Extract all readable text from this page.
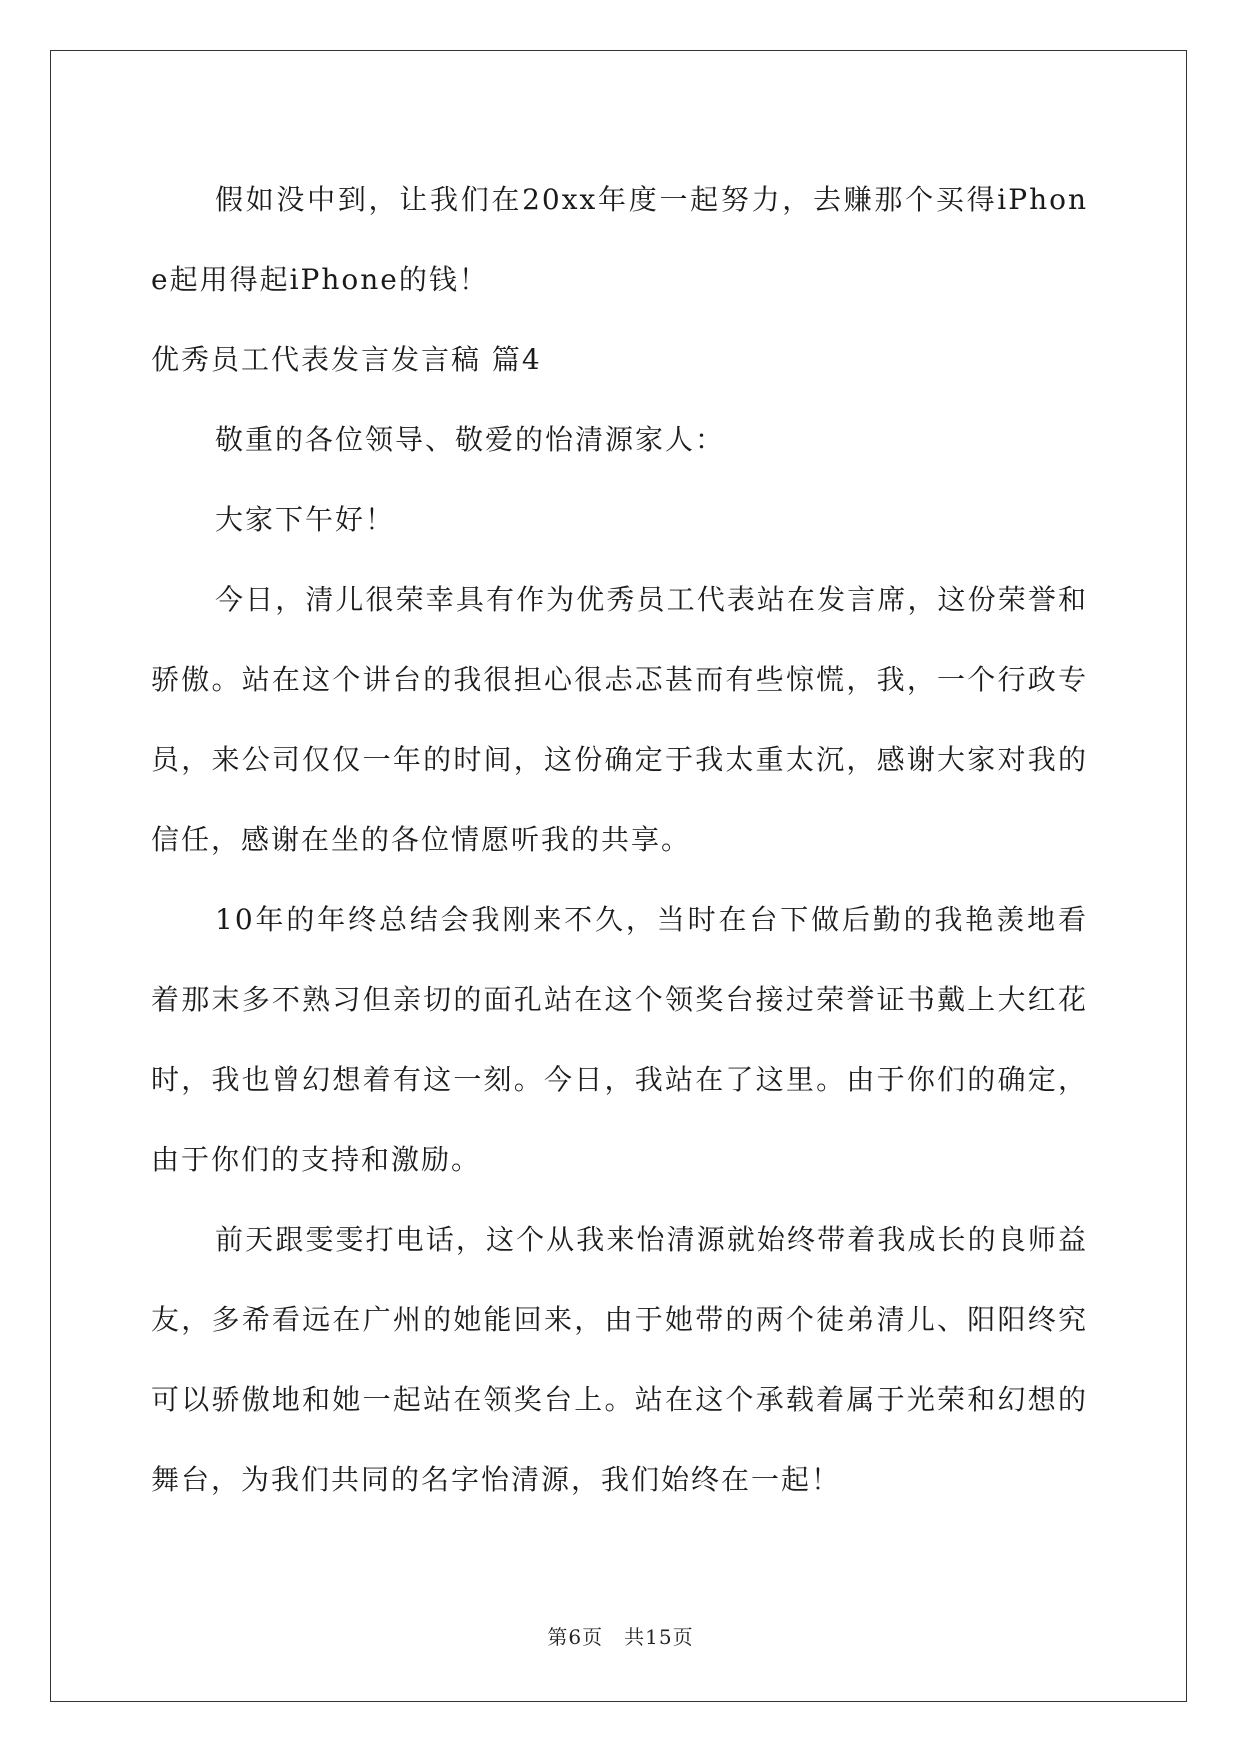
假如没中到，让我们在20xx年度一起努力，去赚那个买得iPhone起用得起iPhone的钱！

优秀员工代表发言发言稿 篇4

敬重的各位领导、敬爱的怡清源家人：

大家下午好！

今日，清儿很荣幸具有作为优秀员工代表站在发言席，这份荣誉和骄傲。站在这个讲台的我很担心很忐忑甚而有些惊慌，我，一个行政专员，来公司仅仅一年的时间，这份确定于我太重太沉，感谢大家对我的信任，感谢在坐的各位情愿听我的共享。

10年的年终总结会我刚来不久，当时在台下做后勤的我艳羡地看着那末多不熟习但亲切的面孔站在这个领奖台接过荣誉证书戴上大红花时，我也曾幻想着有这一刻。今日，我站在了这里。由于你们的确定，由于你们的支持和激励。

前天跟雯雯打电话，这个从我来怡清源就始终带着我成长的良师益友，多希看远在广州的她能回来，由于她带的两个徒弟清儿、阳阳终究可以骄傲地和她一起站在领奖台上。站在这个承载着属于光荣和幻想的舞台，为我们共同的名字怡清源，我们始终在一起！

第6页　共15页
